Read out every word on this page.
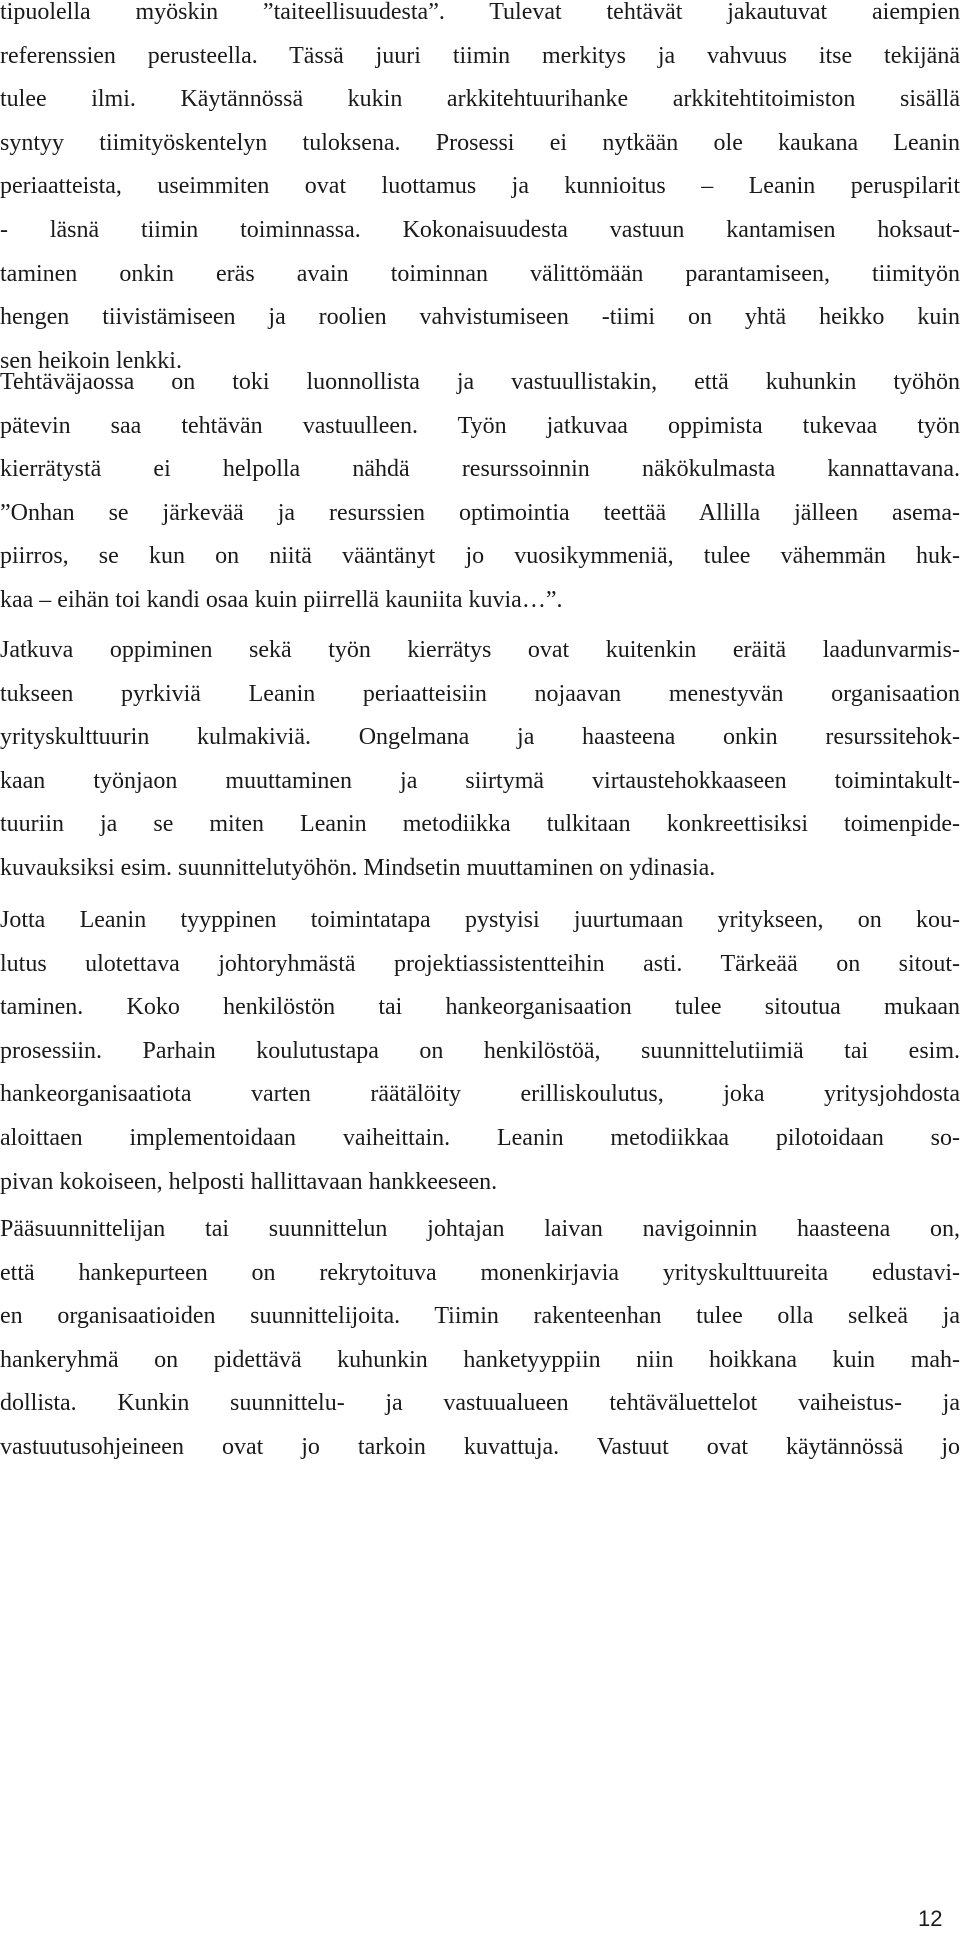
tipuolella myöskin ”taiteellisuudesta”. Tulevat tehtävät jakautuvat aiempien
referenssien perusteella. Tässä juuri tiimin merkitys ja vahvuus itse tekijänä
tulee ilmi. Käytännössä kukin arkkitehtuurihanke arkkitehtitoimiston sisällä
syntyy tiimityöskentelyn tuloksena. Prosessi ei nytkään ole kaukana Leanin
periaatteista, useimmiten ovat luottamus ja kunnioitus – Leanin peruspilarit
- läsnä tiimin toiminnassa. Kokonaisuudesta vastuun kantamisen hoksaut-
taminen onkin eräs avain toiminnan välittömään parantamiseen, tiimityön
hengen tiivistämiseen ja roolien vahvistumiseen -tiimi on yhtä heikko kuin
sen heikoin lenkki.
Tehtäväjaossa on toki luonnollista ja vastuullistakin, että kuhunkin työhön
pätevin saa tehtävän vastuulleen. Työn jatkuvaa oppimista tukevaa työn
kierrätystä ei helpolla nähdä resurssoinnin näkökulmasta kannattavana.
”Onhan se järkevää ja resurssien optimointia teettää Allilla jälleen asema-
piirros, se kun on niitä vääntänyt jo vuosikymmeniä, tulee vähemmän huk-
kaa – eihän toi kandi osaa kuin piirrellä kauniita kuvia…”.
Jatkuva oppiminen sekä työn kierrätys ovat kuitenkin eräitä laadunvarmis-
tukseen pyrkiviä Leanin periaatteisiin nojaavan menestyvän organisaation
yrityskulttuurin kulmakiviä. Ongelmana ja haasteena onkin resurssitehok-
kaan työnjaon muuttaminen ja siirtymä virtaustehokkaaseen toimintakult-
tuuriin ja se miten Leanin metodiikka tulkitaan konkreettisiksi toimenpide-
kuvauksiksi esim. suunnittelutyöhön. Mindsetin muuttaminen on ydinasia.
Jotta Leanin tyyppinen toimintatapa pystyisi juurtumaan yritykseen, on kou-
lutus ulotettava johtoryhmästä projektiassistentteihin asti. Tärkeää on sitout-
taminen. Koko henkilöstön tai hankeorganisaation tulee sitoutua mukaan
prosessiin. Parhain koulutustapa on henkilöstöä, suunnittelutiimiä tai esim.
hankeorganisaatiota varten räätälöity erilliskoulutus, joka yritysjohdosta
aloittaen implementoidaan vaiheittain. Leanin metodiikkaa pilotoidaan so-
pivan kokoiseen, helposti hallittavaan hankkeeseen.
Pääsuunnittelijan tai suunnittelun johtajan laivan navigoinnin haasteena on,
että hankepurteen on rekrytoituva monenkirjavia yrityskulttuureita edustavi-
en organisaatioiden suunnittelijoita. Tiimin rakenteenhan tulee olla selkeä ja
hankeryhmä on pidettävä kuhunkin hanketyyppiin niin hoikkana kuin mah-
dollista. Kunkin suunnittelu- ja vastuualueen tehtäväluettelot vaiheistus- ja
vastuutusohjeineen ovat jo tarkoin kuvattuja. Vastuut ovat käytännössä jo
12
